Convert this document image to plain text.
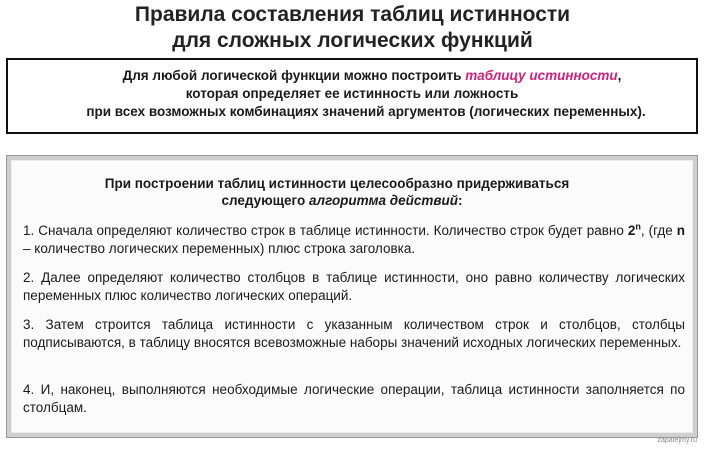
Правила составления таблиц истинности
для сложных логических функций
Для любой логической функции можно построить таблицу истинности,
которая определяет ее истинность или ложность
при всех возможных комбинациях значений аргументов (логических переменных).
При построении таблиц истинности целесообразно придерживаться
следующего алгоритма действий:
1. Сначала определяют количество строк в таблице истинности. Количество строк будет равно 2$^n$, (где n – количество логических переменных) плюс строка заголовка.
2. Далее определяют количество столбцов в таблице истинности, оно равно количеству логических переменных плюс количество логических операций.
3. Затем строится таблица истинности с указанным количеством строк и столбцов, столбцы подписываются, в таблицу вносятся всевозможные наборы значений исходных логических переменных.
4. И, наконец, выполняются необходимые логические операции, таблица истинности заполняется по столбцам.
zapatejmy.ru
